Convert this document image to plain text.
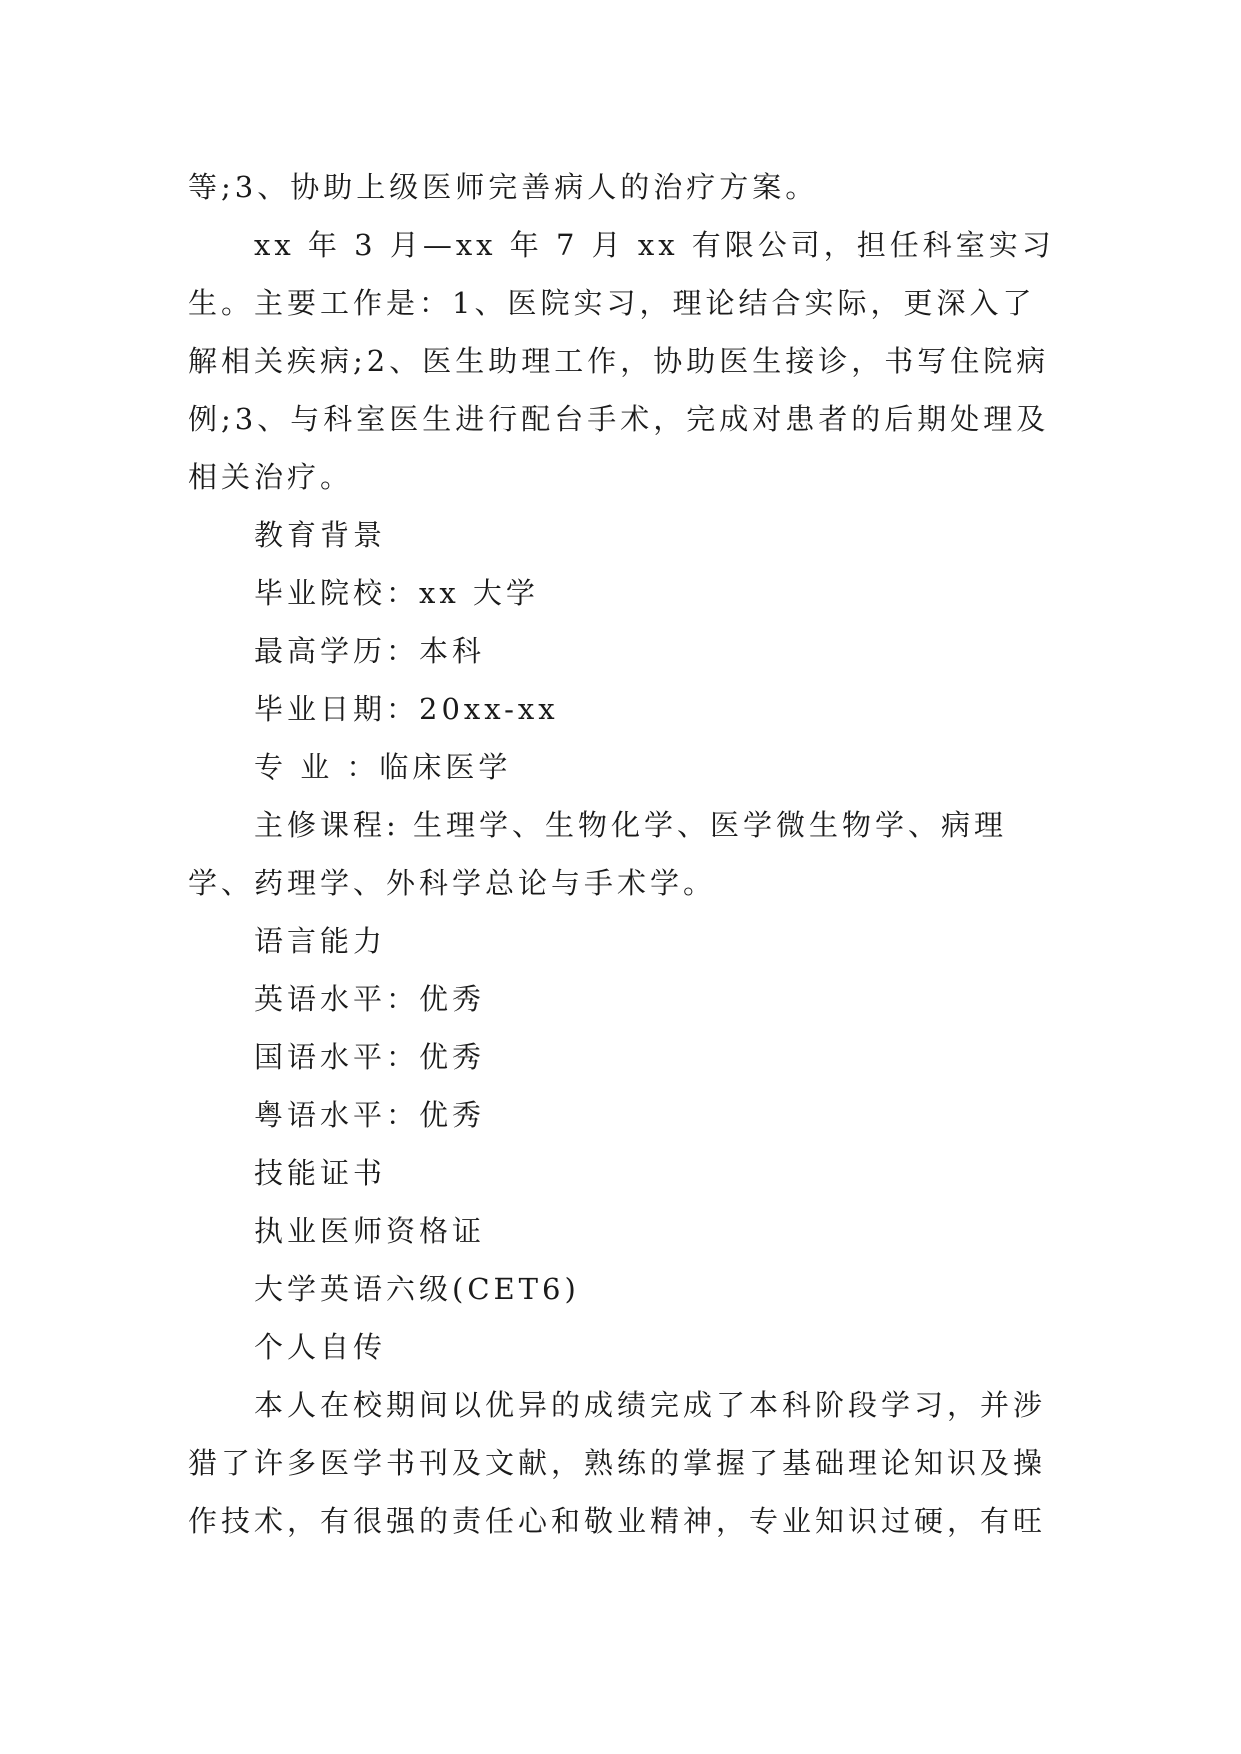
等;3、协助上级医师完善病人的治疗方案。

xx 年 3 月—xx 年 7 月 xx 有限公司，担任科室实习生。主要工作是：1、医院实习，理论结合实际，更深入了解相关疾病;2、医生助理工作，协助医生接诊，书写住院病例;3、与科室医生进行配台手术，完成对患者的后期处理及相关治疗。

教育背景

毕业院校：xx 大学

最高学历：本科

毕业日期：20xx-xx

专 业 ：临床医学

主修课程: 生理学、生物化学、医学微生物学、病理学、药理学、外科学总论与手术学。

语言能力

英语水平：优秀

国语水平：优秀

粤语水平：优秀

技能证书

执业医师资格证

大学英语六级(CET6)

个人自传

本人在校期间以优异的成绩完成了本科阶段学习，并涉猎了许多医学书刊及文献，熟练的掌握了基础理论知识及操作技术，有很强的责任心和敬业精神，专业知识过硬，有旺
